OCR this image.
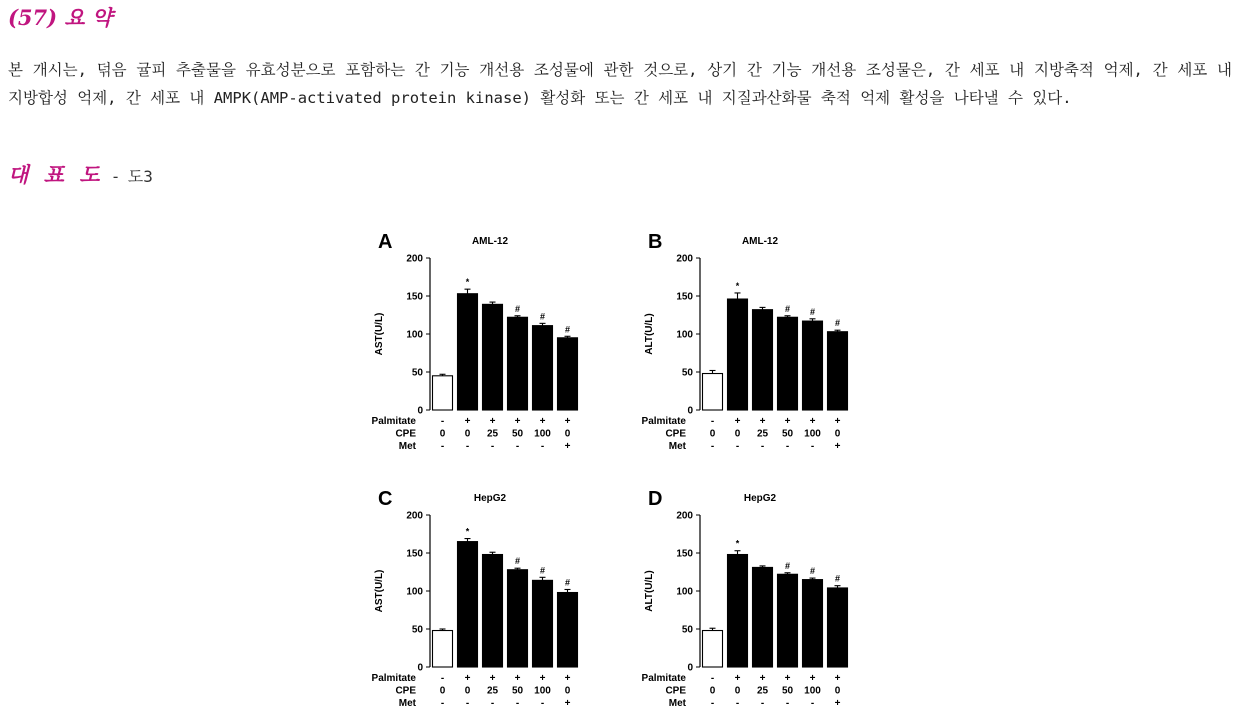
(57) 요 약

본 개시는, 덖음 귤피 추출물을 유효성분으로 포함하는 간 기능 개선용 조성물에 관한 것으로, 상기 간 기능 개선용 조성물은, 간 세포 내 지방축적 억제, 간 세포 내 지방합성 억제, 간 세포 내 AMPK(AMP-activated protein kinase) 활성화 또는 간 세포 내 지질과산화물 축적 억제 활성을 나타낼 수 있다.

대 표 도 - 도3
A	AML-12
0
50
100
150
200
AST(U/L)
*
#
#
#
Palmitate - + + + + +
CPE 0 0 25 50 100 0
Met - - - - - +
B	AML-12
0
50
100
150
200
ALT(U/L)
*
# #
#
Palmitate - + + + + +
CPE 0 0 25 50 100 0
Met - - - - - +
C	HepG2
0
50
100
150
200
AST(U/L)
*
#
#
#
Palmitate - + + + + +
CPE 0 0 25 50 100 0
Met - - - - - +
D	HepG2
0
50
100
150
200
ALT(U/L)
*
#
#
#
Palmitate - + + + + +
CPE 0 0 25 50 100 0
Met - - - - - +
